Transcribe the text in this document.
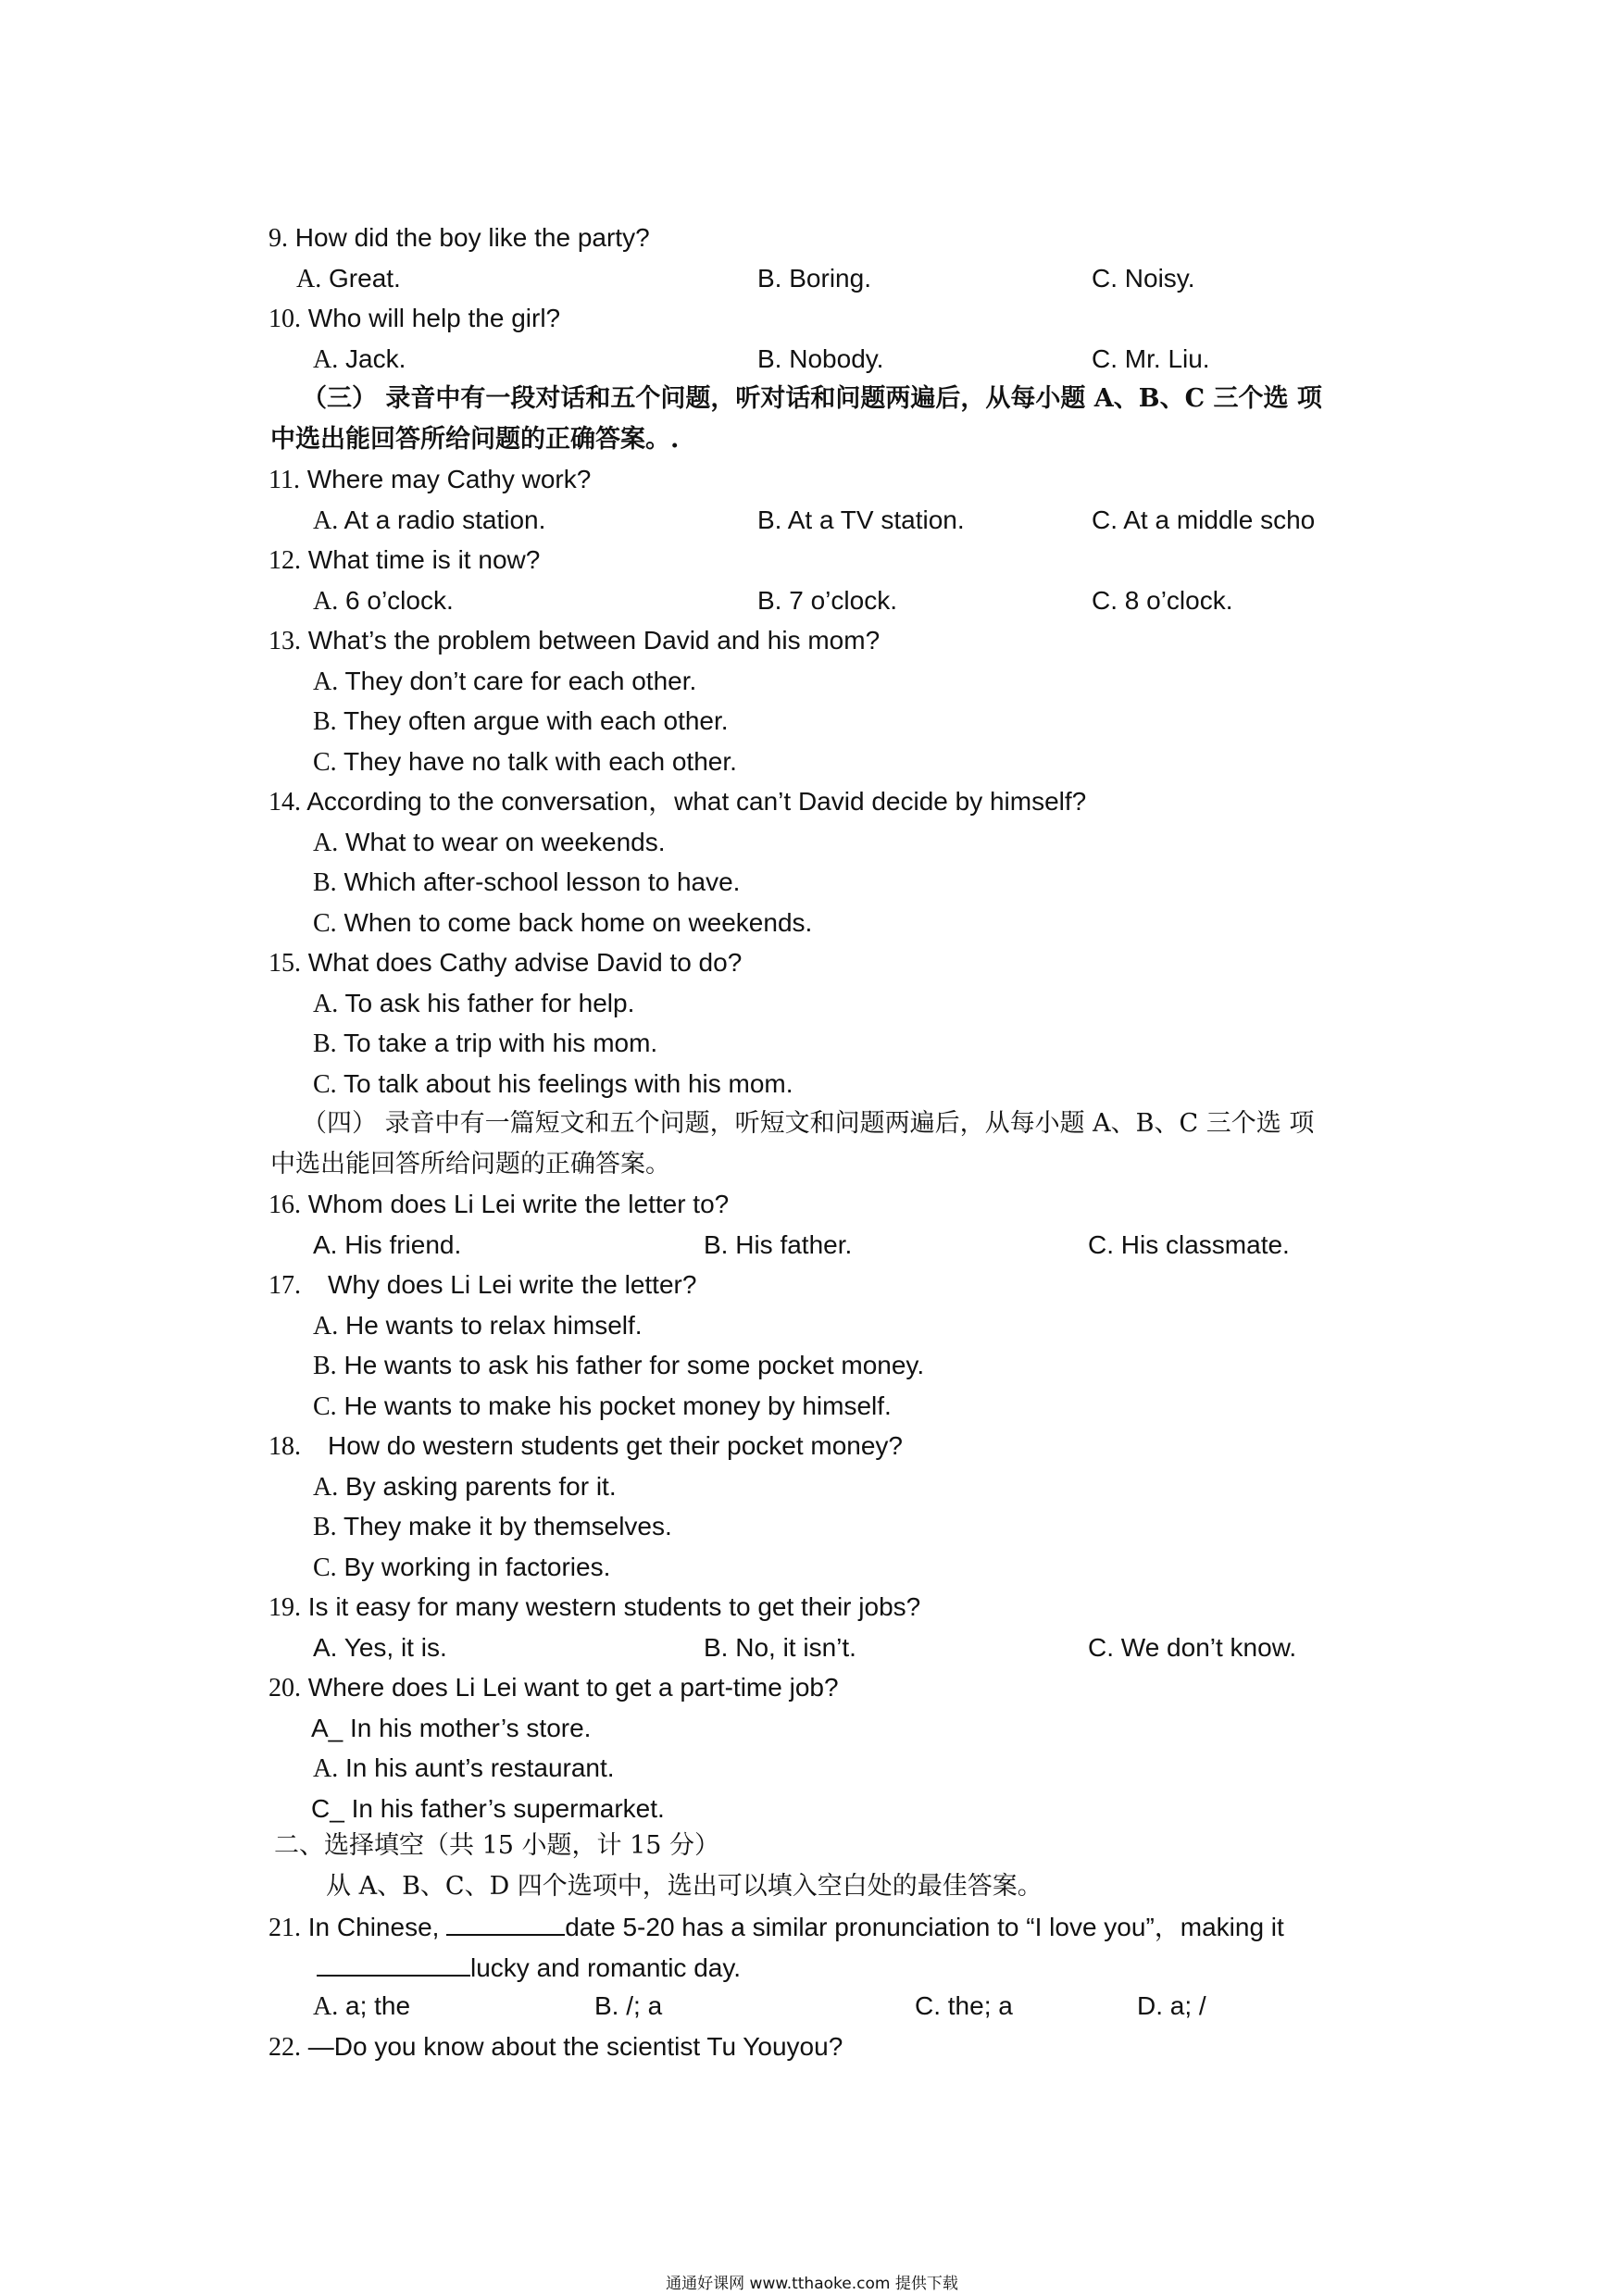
9. How did the boy like the party?
A. Great.	B. Boring.	C. Noisy.
10. Who will help the girl?
A. Jack.	B. Nobody.	C. Mr. Liu.
（三） 录音中有一段对话和五个问题，听对话和问题两遍后，从每小题 A、B、C 三个选 项
中选出能回答所给问题的正确答案。.
11. Where may Cathy work?
A. At a radio station.	B. At a TV station.	C. At a middle scho
12. What time is it now?
A. 6 o’clock.	B. 7 o’clock.	C. 8 o’clock.
13. What’s the problem between David and his mom?
A. They don’t care for each other.
B. They often argue with each other.
C. They have no talk with each other.
14. According to the conversation，what can’t David decide by himself?
A. What to wear on weekends.
B. Which after-school lesson to have.
C. When to come back home on weekends.
15. What does Cathy advise David to do?
A. To ask his father for help.
B. To take a trip with his mom.
C. To talk about his feelings with his mom.
（四） 录音中有一篇短文和五个问题，听短文和问题两遍后，从每小题 A、B、C 三个选 项
中选出能回答所给问题的正确答案。
16. Whom does Li Lei write the letter to?
A. His friend.	B. His father.	C. His classmate.
17. Why does Li Lei write the letter?
A. He wants to relax himself.
B. He wants to ask his father for some pocket money.
C. He wants to make his pocket money by himself.
18. How do western students get their pocket money?
A. By asking parents for it.
B. They make it by themselves.
C. By working in factories.
19. Is it easy for many western students to get their jobs?
A. Yes, it is.	B. No, it isn’t.	C. We don’t know.
20. Where does Li Lei want to get a part-time job?
A_ In his mother’s store.
A. In his aunt’s restaurant.
C_ In his father’s supermarket.
二、选择填空（共 15 小题，计 15 分）
从 A、B、C、D 四个选项中，选出可以填入空白处的最佳答案。
21. In Chinese,	date 5-20 has a similar pronunciation to “I love you”，making it
lucky and romantic day.
A. a; the	B. /; a	C. the; a	D. a; /
22. —Do you know about the scientist Tu Youyou?
通通好课网 www.tthaoke.com 提供下载
